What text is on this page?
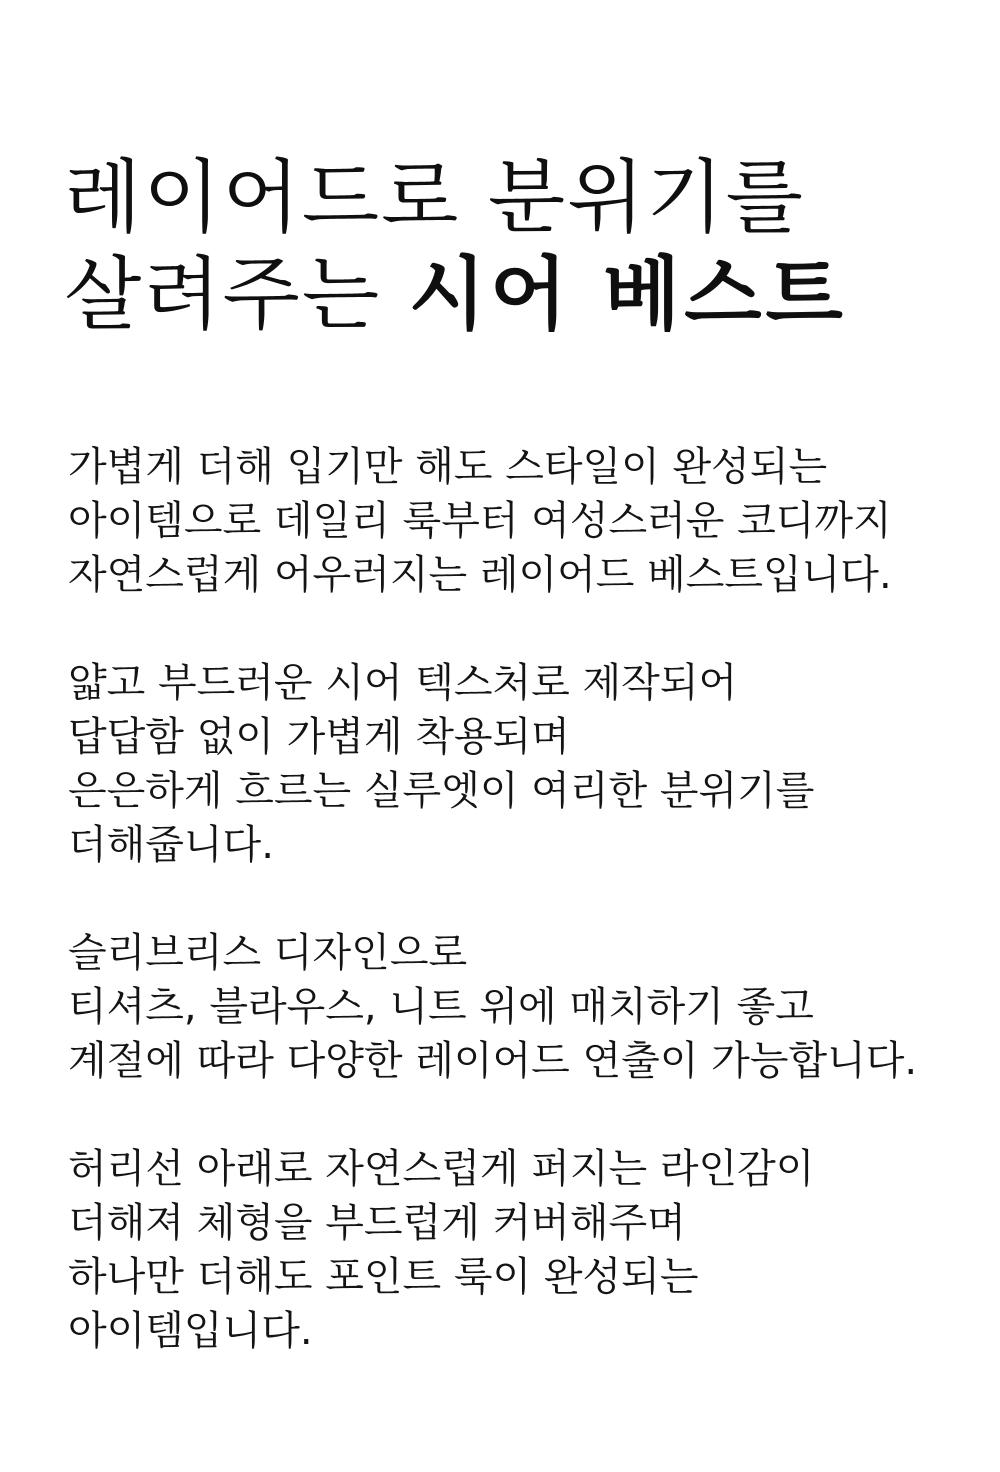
레이어드로 분위기를
살려주는 시어 베스트

가볍게 더해 입기만 해도 스타일이 완성되는
아이템으로 데일리 룩부터 여성스러운 코디까지
자연스럽게 어우러지는 레이어드 베스트입니다.

얇고 부드러운 시어 텍스처로 제작되어
답답함 없이 가볍게 착용되며
은은하게 흐르는 실루엣이 여리한 분위기를
더해줍니다.

슬리브리스 디자인으로
티셔츠, 블라우스, 니트 위에 매치하기 좋고
계절에 따라 다양한 레이어드 연출이 가능합니다.

허리선 아래로 자연스럽게 퍼지는 라인감이
더해져 체형을 부드럽게 커버해주며
하나만 더해도 포인트 룩이 완성되는
아이템입니다.
